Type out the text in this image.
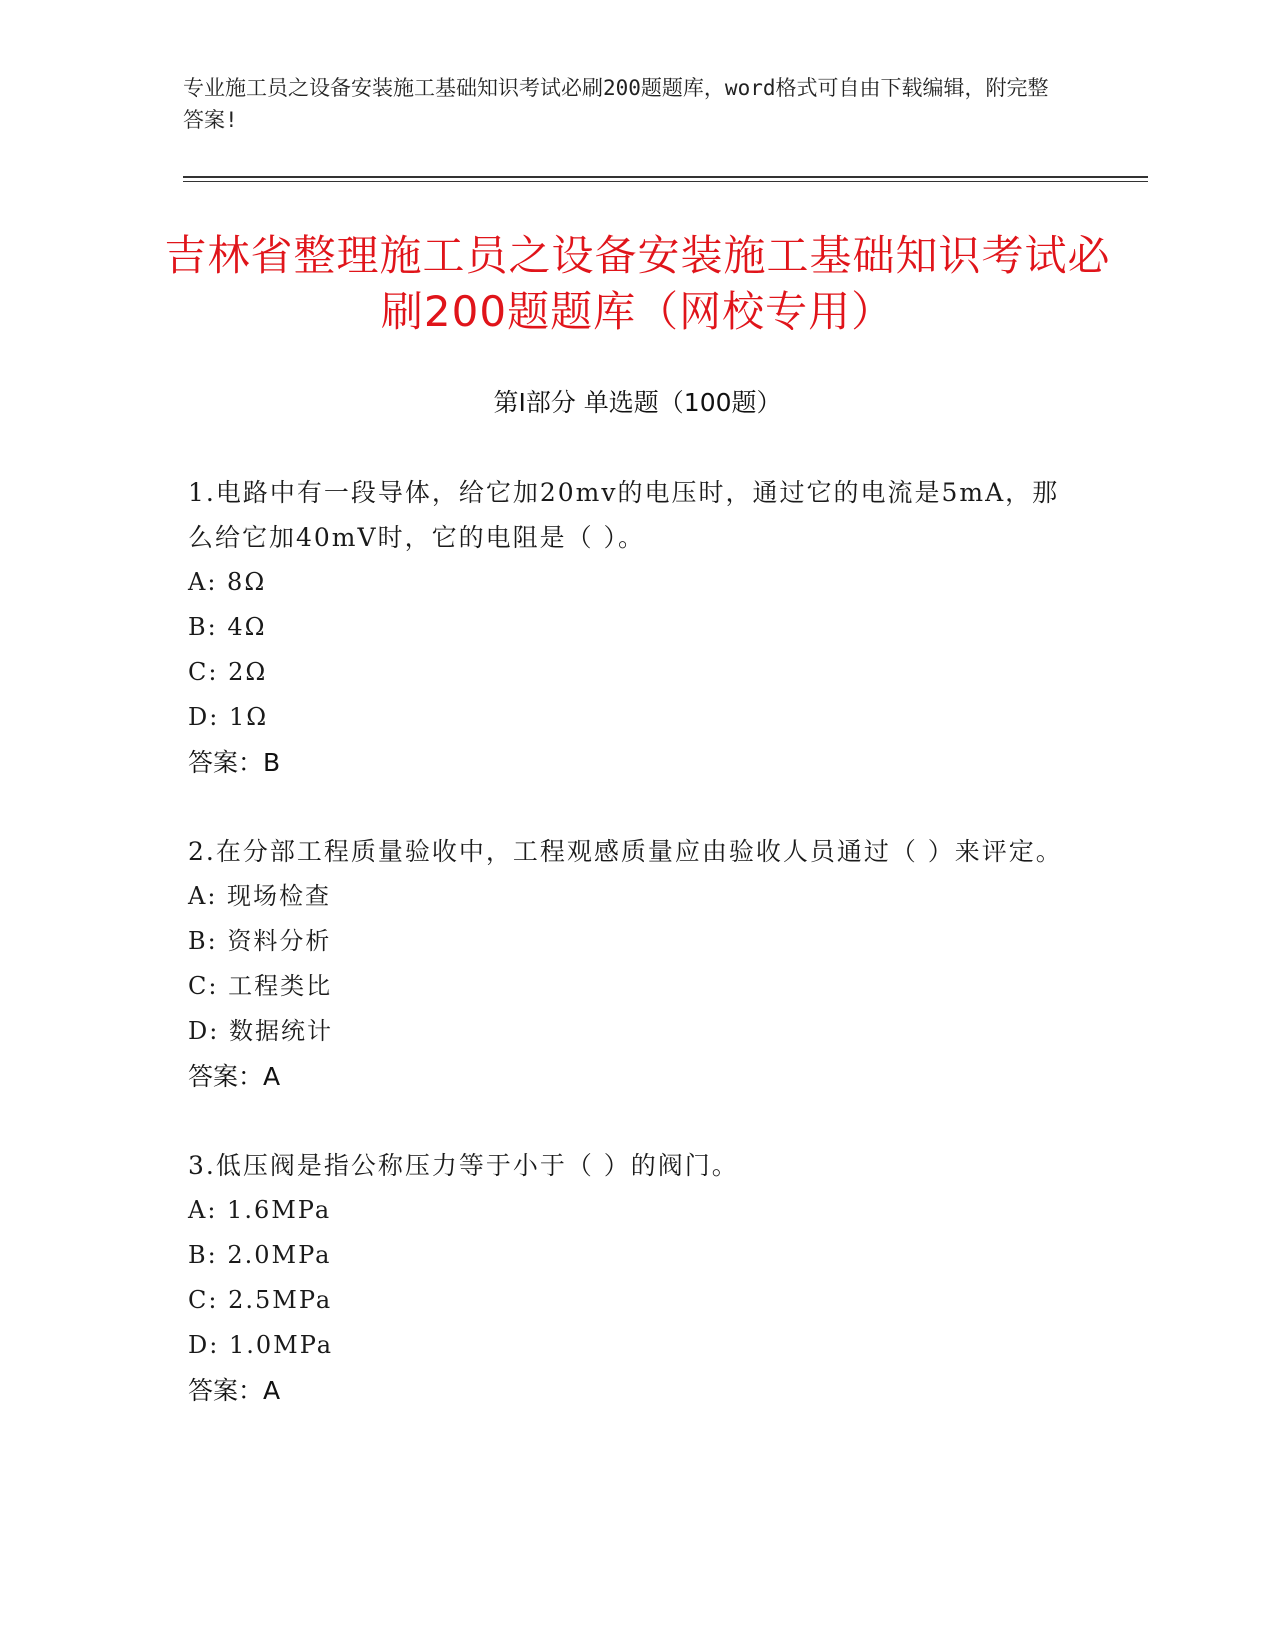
专业施工员之设备安装施工基础知识考试必刷200题题库，word格式可自由下载编辑，附完整答案!
吉林省整理施工员之设备安装施工基础知识考试必刷200题题库（网校专用）
第Ⅰ部分 单选题（100题）
1.电路中有一段导体，给它加20mv的电压时，通过它的电流是5mA，那么给它加40mV时，它的电阻是（ ）。
A: 8Ω
B: 4Ω
C: 2Ω
D: 1Ω
答案：B
2.在分部工程质量验收中，工程观感质量应由验收人员通过（ ）来评定。
A: 现场检查
B: 资料分析
C: 工程类比
D: 数据统计
答案：A
3.低压阀是指公称压力等于小于（ ）的阀门。
A: 1.6MPa
B: 2.0MPa
C: 2.5MPa
D: 1.0MPa
答案：A
